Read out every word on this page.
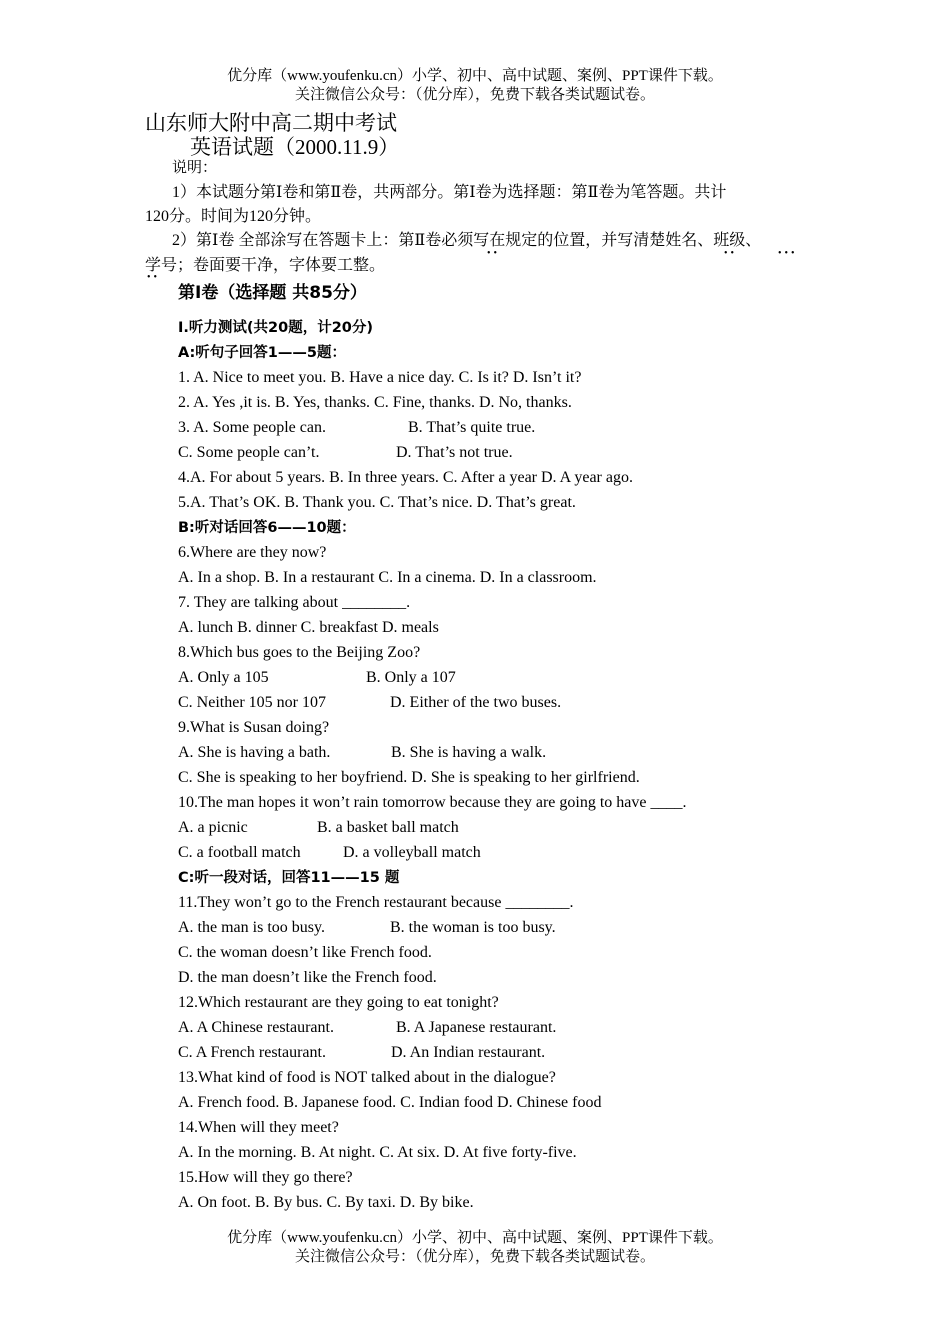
优分库（www.youfenku.cn）小学、初中、高中试题、案例、PPT课件下载。
关注微信公众号：（优分库），免费下载各类试题试卷。
山东师大附中高二期中考试
英语试题（2000.11.9）
说明：
1）本试题分第Ⅰ卷和第Ⅱ卷，共两部分。第Ⅰ卷为选择题：第Ⅱ卷为笔答题。共计
120分。时间为120分钟。
2）第Ⅰ卷 全部涂写在答题卡上：第Ⅱ卷必须写在规定的位置，并写清楚姓名、班级、
••	••	•••
学号；卷面要干净，字体要工整。
••
第Ⅰ卷（选择题 共85分）
Ⅰ.听力测试(共20题，计20分)
A:听句子回答1——5题：
1. A. Nice to meet you. B. Have a nice day. C. Is it? D. Isn’t it?
2. A. Yes ,it is. B. Yes, thanks. C. Fine, thanks. D. No, thanks.
3. A. Some people can.	B. That’s quite true.
C. Some people can’t.	D. That’s not true.
4.A. For about 5 years. B. In three years. C. After a year D. A year ago.
5.A. That’s OK. B. Thank you. C. That’s nice. D. That’s great.
B:听对话回答6——10题：
6.Where are they now?
A. In a shop. B. In a restaurant C. In a cinema. D. In a classroom.
7. They are talking about ________.
A. lunch B. dinner C. breakfast D. meals
8.Which bus goes to the Beijing Zoo?
A. Only a 105	B. Only a 107
C. Neither 105 nor 107	D. Either of the two buses.
9.What is Susan doing?
A. She is having a bath.	B. She is having a walk.
C. She is speaking to her boyfriend. D. She is speaking to her girlfriend.
10.The man hopes it won’t rain tomorrow because they are going to have ____.
A. a picnic	B. a basket ball match
C. a football match	D. a volleyball match
C:听一段对话，回答11——15 题
11.They won’t go to the French restaurant because ________.
A. the man is too busy.	B. the woman is too busy.
C. the woman doesn’t like French food.
D. the man doesn’t like the French food.
12.Which restaurant are they going to eat tonight?
A. A Chinese restaurant.	B. A Japanese restaurant.
C. A French restaurant.	D. An Indian restaurant.
13.What kind of food is NOT talked about in the dialogue?
A. French food. B. Japanese food. C. Indian food D. Chinese food
14.When will they meet?
A. In the morning. B. At night. C. At six. D. At five forty-five.
15.How will they go there?
A. On foot. B. By bus. C. By taxi. D. By bike.
优分库（www.youfenku.cn）小学、初中、高中试题、案例、PPT课件下载。
关注微信公众号：（优分库），免费下载各类试题试卷。
